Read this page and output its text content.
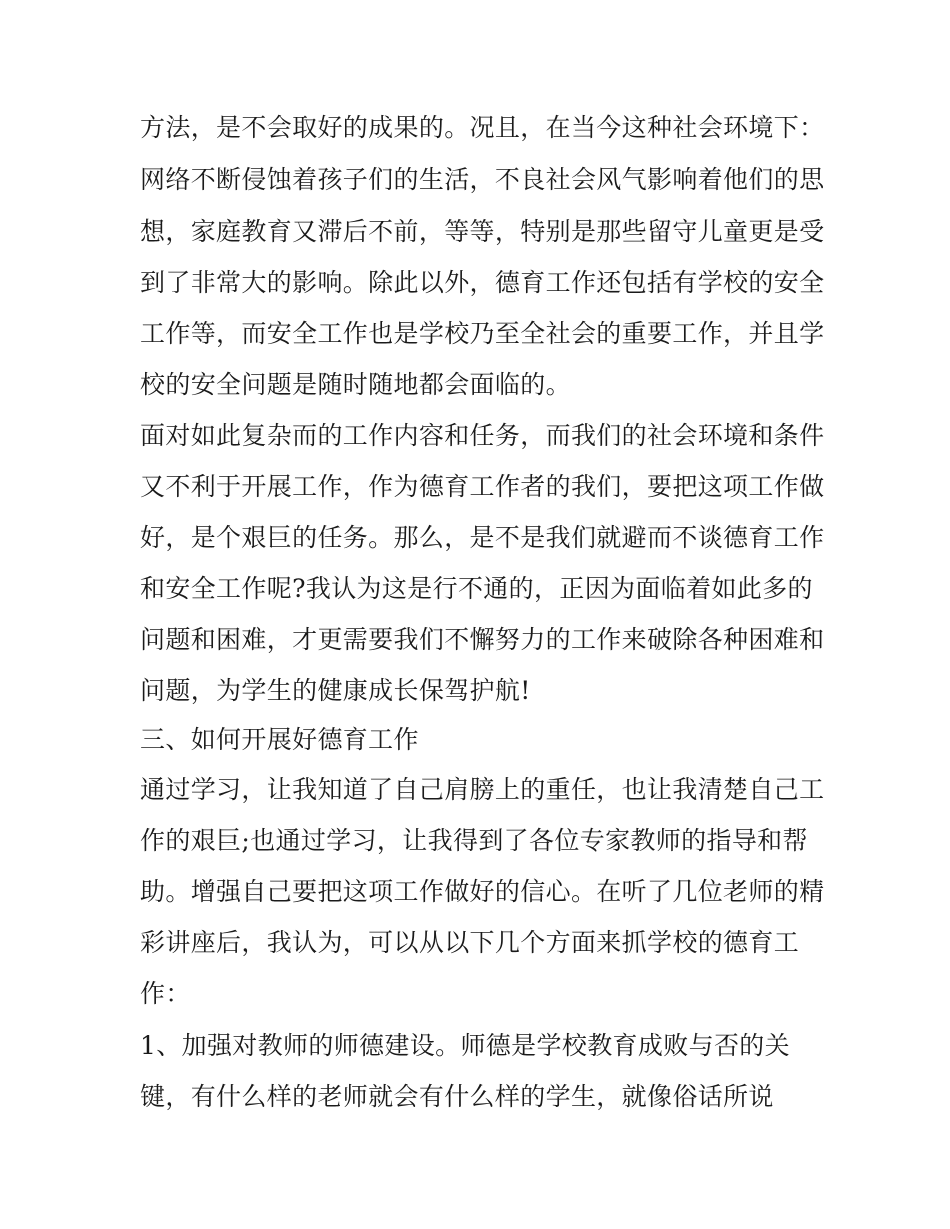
方法，是不会取好的成果的。况且，在当今这种社会环境下：

网络不断侵蚀着孩子们的生活，不良社会风气影响着他们的思

想，家庭教育又滞后不前，等等，特别是那些留守儿童更是受

到了非常大的影响。除此以外，德育工作还包括有学校的安全

工作等，而安全工作也是学校乃至全社会的重要工作，并且学

校的安全问题是随时随地都会面临的。

面对如此复杂而的工作内容和任务，而我们的社会环境和条件

又不利于开展工作，作为德育工作者的我们，要把这项工作做

好，是个艰巨的任务。那么，是不是我们就避而不谈德育工作

和安全工作呢?我认为这是行不通的，正因为面临着如此多的

问题和困难，才更需要我们不懈努力的工作来破除各种困难和

问题，为学生的健康成长保驾护航!

三、如何开展好德育工作

通过学习，让我知道了自己肩膀上的重任，也让我清楚自己工

作的艰巨;也通过学习，让我得到了各位专家教师的指导和帮

助。增强自己要把这项工作做好的信心。在听了几位老师的精

彩讲座后，我认为，可以从以下几个方面来抓学校的德育工

作：

1、加强对教师的师德建设。师德是学校教育成败与否的关

键，有什么样的老师就会有什么样的学生，就像俗话所说
